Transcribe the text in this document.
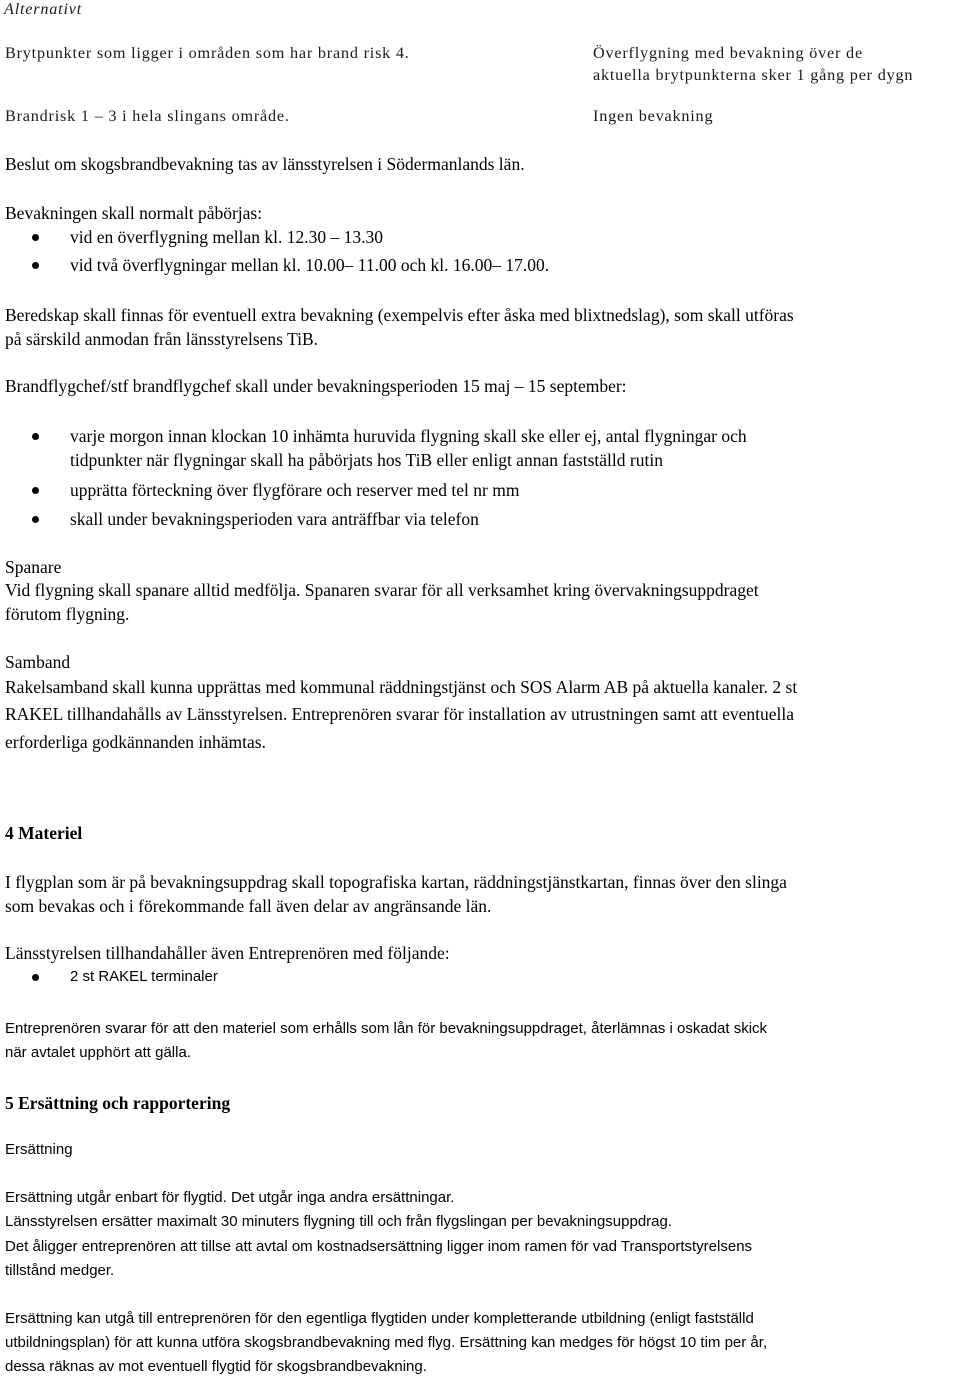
Alternativt
Brytpunkter som ligger i områden som har brand risk 4.	Överflygning med bevakning över de
aktuella brytpunkterna sker 1 gång per dygn
Brandrisk 1 – 3 i hela slingans område.	Ingen bevakning
Beslut om skogsbrandbevakning tas av länsstyrelsen i Södermanlands län.
Bevakningen skall normalt påbörjas:
vid en överflygning mellan kl. 12.30 – 13.30
vid två överflygningar mellan kl. 10.00– 11.00 och kl. 16.00– 17.00.
Beredskap skall finnas för eventuell extra bevakning (exempelvis efter åska med blixtnedslag), som skall utföras
på särskild anmodan från länsstyrelsens TiB.
Brandflygchef/stf brandflygchef skall under bevakningsperioden 15 maj – 15 september:
varje morgon innan klockan 10 inhämta huruvida flygning skall ske eller ej, antal flygningar och
tidpunkter när flygningar skall ha påbörjats hos TiB eller enligt annan fastställd rutin
upprätta förteckning över flygförare och reserver med tel nr mm
skall under bevakningsperioden vara anträffbar via telefon
Spanare
Vid flygning skall spanare alltid medfölja. Spanaren svarar för all verksamhet kring övervakningsuppdraget
förutom flygning.
Samband
Rakelsamband skall kunna upprättas med kommunal räddningstjänst och SOS Alarm AB på aktuella kanaler. 2 st
RAKEL tillhandahålls av Länsstyrelsen. Entreprenören svarar för installation av utrustningen samt att eventuella
erforderliga godkännanden inhämtas.
4 Materiel
I flygplan som är på bevakningsuppdrag skall topografiska kartan, räddningstjänstkartan, finnas över den slinga
som bevakas och i förekommande fall även delar av angränsande län.
Länsstyrelsen tillhandahåller även Entreprenören med följande:
2 st RAKEL terminaler
Entreprenören svarar för att den materiel som erhålls som lån för bevakningsuppdraget, återlämnas i oskadat skick
när avtalet upphört att gälla.
5 Ersättning och rapportering
Ersättning
Ersättning utgår enbart för flygtid. Det utgår inga andra ersättningar.
Länsstyrelsen ersätter maximalt 30 minuters flygning till och från flygslingan per bevakningsuppdrag.
Det åligger entreprenören att tillse att avtal om kostnadsersättning ligger inom ramen för vad Transportstyrelsens
tillstånd medger.
Ersättning kan utgå till entreprenören för den egentliga flygtiden under kompletterande utbildning (enligt fastställd
utbildningsplan) för att kunna utföra skogsbrandbevakning med flyg. Ersättning kan medges för högst 10 tim per år,
dessa räknas av mot eventuell flygtid för skogsbrandbevakning.
